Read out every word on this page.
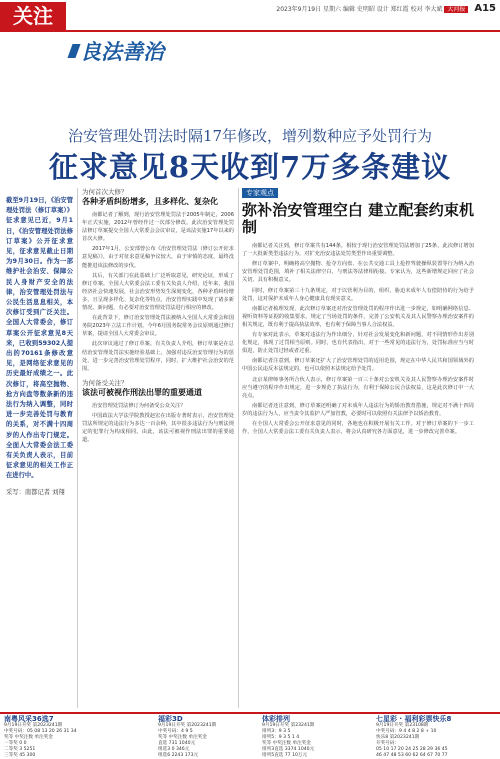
关注	2023年9月19日 星期六 编辑 史明昭 设计 郑红霞 校对 李大斌 大河报 A15
良法善治
治安管理处罚法时隔17年修改，增列数种应予处罚行为
征求意见8天收到7万多条建议
截至9月19日，《治安管理处罚法（修订草案）》征求意见已近，9月1日，《治安管理处罚法修订草案》公开征求意见，征求意见截止日期为9月30日。作为一部维护社会治安、保障公民人身财产安全的法律，治安管理处罚法与公民生活息息相关，本次修订受到广泛关注。全国人大常委会，修订草案公开征求意见8天来，已收到59302人提出的70161条修改意见，是网络征求意见的历史最好成绩之一。此次修订，将高空抛物、抢方向盘等数条新的违法行为纳入调整，同时进一步完善处罚与教育的关系，对不满十四周岁的人作出专门规定。全面人大常委会法工委有关负责人表示，目前征求意见的相关工作正在进行中。
采写：南都记者 刘翔
为何首次大修？
各种矛盾纠纷增多，且多样化、复杂化

南都记者了解到，现行治安管理处罚法于2005年制定，2006年正式实施，2012年曾经作过一次部分修改。此次治安管理处罚法修订草案提交全国人大常委会会议审议，是该法实施17年以来的首次大修。

2017年1月，公安部曾公布《治安管理处罚法（修订公开征求意见稿）》，由于对征求意见稿争议较大，由于审慎的态度，最终没能推进该法修改的步伐。

其后，有关部门在此基础上广泛听取意见，研究论证，形成了修订草案。全国人大常委会法工委有关负责人介绍，近年来，我国经济社会快速发展，社会治安形势发生深刻变化，各种矛盾纠纷增多，且呈现多样化、复杂化等特点，治安管理实践中发现了诸多新情况、新问题，有必要对治安管理处罚法进行相应的修改。

在此背景下，修订治安管理处罚法被纳入全国人大常委会和国务院2023年立法工作计划。今年6月国务院常务会议原则通过修订草案，提请全国人大常委会审议。

此次审议通过了修订草案。有关负责人介绍，修订草案是在总结治安管理处罚法实施经验基础上，加强对违反治安管理行为的惩处，进一步完善治安管理处罚程序，同时，扩大维护社会治安的范围。

为何备受关注？
该法可被视作刑法出罪的重要通道

治安管理处罚法修订为何备受公众关注？

中国政法大学法学院教授赵宏在出版专著时表示，治安管理处罚法所规定的违法行为多达一百余种，其中很多违法行为与刑法规定的犯罪行为构成相同。由此，该法可被视作刑法出罪的重要通道。

专家观点
弥补治安管理空白 建立配套约束机制

南都记者关注到，修订草案共有144条，相较于现行治安管理处罚法增加了25条，此次修订增加了一大批新类型违法行为，对扩充治安违法处罚类型作出重要调整。

修订草案中，明确将高空抛物、抢夺方向盘、在公共交通工具上抢控驾驶操纵装置等行为纳入治安管理处罚范围，填补了相关法律空白，与刑法等法律相衔接。专家认为，这些新增规定回应了社会关切，具有积极意义。

同时，修订草案第三十九条规定，对于以营利为目的，组织、胁迫未成年人有偿陪侍的行为给予处罚，这对保护未成年人身心健康具有现实意义。

南都记者梳理发现，此次修订草案还对治安管理处罚的程序作出进一步规定，如明确网络信息、视听资料等证据的收集要求，规定了当场处罚的条件，完善了公安机关及其人民警察办理治安案件的相关规定，既有利于提高执法效率，也有利于保障当事人合法权益。

有专家对此表示，草案对违法行为作出细分，针对社会发展变化和新问题，对不同情形作出差别化规定，体现了过罚相当原则。同时，也有代表指出，对于一些常见的违法行为，处罚标准应当与时俱进，防止处罚过轻或者过重。

南都记者注意到，修订草案还扩大了治安管理处罚的适用范围，规定在中华人民共和国领域外的中国公民违反本法规定的，也可以依照本法规定给予处罚。

北京某律师事务所合伙人表示，修订草案第一百三十条对公安机关及其人民警察办理治安案件时应当遵守的程序作出规定，进一步规范了执法行为，有利于保障公民合法权益，这是此次修订中一大亮点。

南都记者还注意到，修订草案还明确了对未成年人违法行为的矫治教育措施，规定对不满十四周岁的违法行为人，应当责令其监护人严加管教，必要时可以依照有关法律予以矫治教育。

在全国人大常委会公开征求意见的同时，各地也在积极开展有关工作。对于修订草案的下一步工作，全国人大常委会法工委有关负责人表示，将会认真研究各方面意见，进一步修改完善草案。

南粤风采36选7
9月19日开奖 第2023241期
中奖号码：05 08 13 20 26 31 34
奖等 中奖注数 单注奖金
一等奖 0 0
二等奖 3 5251
三等奖 45 300
福彩3D
9月19日开奖 第2023241期
中奖号码：4 9 5
奖等 中奖注数 单注奖金
直选 731 1040元
组选3 0 346元
组选6 2243 173元
体彩排列
9月19日开奖 第23241期
排列3：9 3 5
排列5：9 3 5 1 4
奖等 中奖注数 单注奖金
排列3直选 3374 1040元
排列5直选 77 10万元
七星彩 · 福利彩票快乐8
9月19日开奖 第23108期
中奖号码：9 4 4 8 2 8 + 10
快乐8 第2023241期
开奖号码：
05 10 17 20 24 25 28 29 36 45
46 47 48 53 60 62 64 67 70 77
